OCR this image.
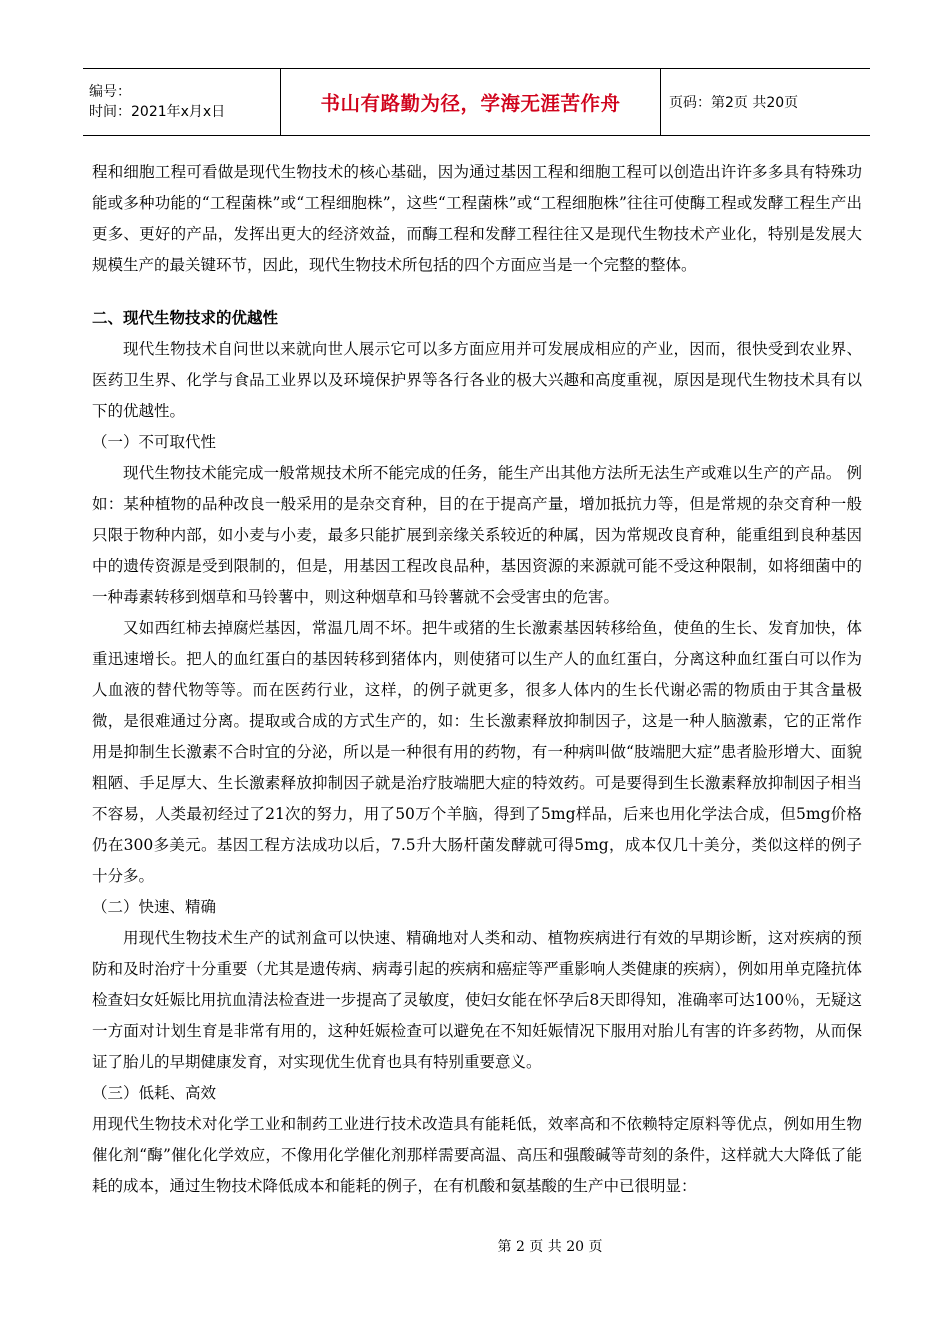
编号：
时间：2021年x月x日	书山有路勤为径，学海无涯苦作舟	页码：第2页 共20页

程和细胞工程可看做是现代生物技术的核心基础，因为通过基因工程和细胞工程可以创造出许许多多具有特殊功能或多种功能的“工程菌株”或“工程细胞株”，这些“工程菌株”或“工程细胞株”往往可使酶工程或发酵工程生产出更多、更好的产品，发挥出更大的经济效益，而酶工程和发酵工程往往又是现代生物技术产业化，特别是发展大规模生产的最关键环节，因此，现代生物技术所包括的四个方面应当是一个完整的整体。

二、现代生物技求的优越性

现代生物技术自问世以来就向世人展示它可以多方面应用并可发展成相应的产业，因而，很快受到农业界、医药卫生界、化学与食品工业界以及环境保护界等各行各业的极大兴趣和高度重视，原因是现代生物技术具有以下的优越性。

（一）不可取代性

现代生物技术能完成一般常规技术所不能完成的任务，能生产出其他方法所无法生产或难以生产的产品。 例如：某种植物的品种改良一般采用的是杂交育种，目的在于提高产量，增加抵抗力等，但是常规的杂交育种一般只限于物种内部，如小麦与小麦，最多只能扩展到亲缘关系较近的种属，因为常规改良育种，能重组到良种基因中的遗传资源是受到限制的，但是，用基因工程改良品种，基因资源的来源就可能不受这种限制，如将细菌中的一种毒素转移到烟草和马铃薯中，则这种烟草和马铃薯就不会受害虫的危害。

又如西红柿去掉腐烂基因，常温几周不坏。把牛或猪的生长激素基因转移给鱼，使鱼的生长、发育加快，体重迅速增长。把人的血红蛋白的基因转移到猪体内，则使猪可以生产人的血红蛋白，分离这种血红蛋白可以作为人血液的替代物等等。而在医药行业，这样，的例子就更多，很多人体内的生长代谢必需的物质由于其含量极微，是很难通过分离。提取或合成的方式生产的，如：生长激素释放抑制因子，这是一种人脑激素，它的正常作用是抑制生长激素不合时宜的分泌，所以是一种很有用的药物，有一种病叫做“肢端肥大症”患者脸形增大、面貌粗陋、手足厚大、生长激素释放抑制因子就是治疗肢端肥大症的特效药。可是要得到生长激素释放抑制因子相当不容易，人类最初经过了21次的努力，用了50万个羊脑，得到了5mg样品，后来也用化学法合成，但5mg价格仍在300多美元。基因工程方法成功以后，7.5升大肠杆菌发酵就可得5mg，成本仅几十美分，类似这样的例子十分多。

（二）快速、精确

用现代生物技术生产的试剂盒可以快速、精确地对人类和动、植物疾病进行有效的早期诊断，这对疾病的预防和及时治疗十分重要（尤其是遗传病、病毒引起的疾病和癌症等严重影响人类健康的疾病），例如用单克隆抗体检查妇女妊娠比用抗血清法检查进一步提高了灵敏度，使妇女能在怀孕后8天即得知，准确率可达100％，无疑这一方面对计划生育是非常有用的，这种妊娠检查可以避免在不知妊娠情况下服用对胎儿有害的许多药物，从而保证了胎儿的早期健康发育，对实现优生优育也具有特别重要意义。

（三）低耗、高效

用现代生物技术对化学工业和制药工业进行技术改造具有能耗低，效率高和不依赖特定原料等优点，例如用生物催化剂“酶”催化化学效应，不像用化学催化剂那样需要高温、高压和强酸碱等苛刻的条件，这样就大大降低了能耗的成本，通过生物技术降低成本和能耗的例子，在有机酸和氨基酸的生产中已很明显：

第 2 页 共 20 页
